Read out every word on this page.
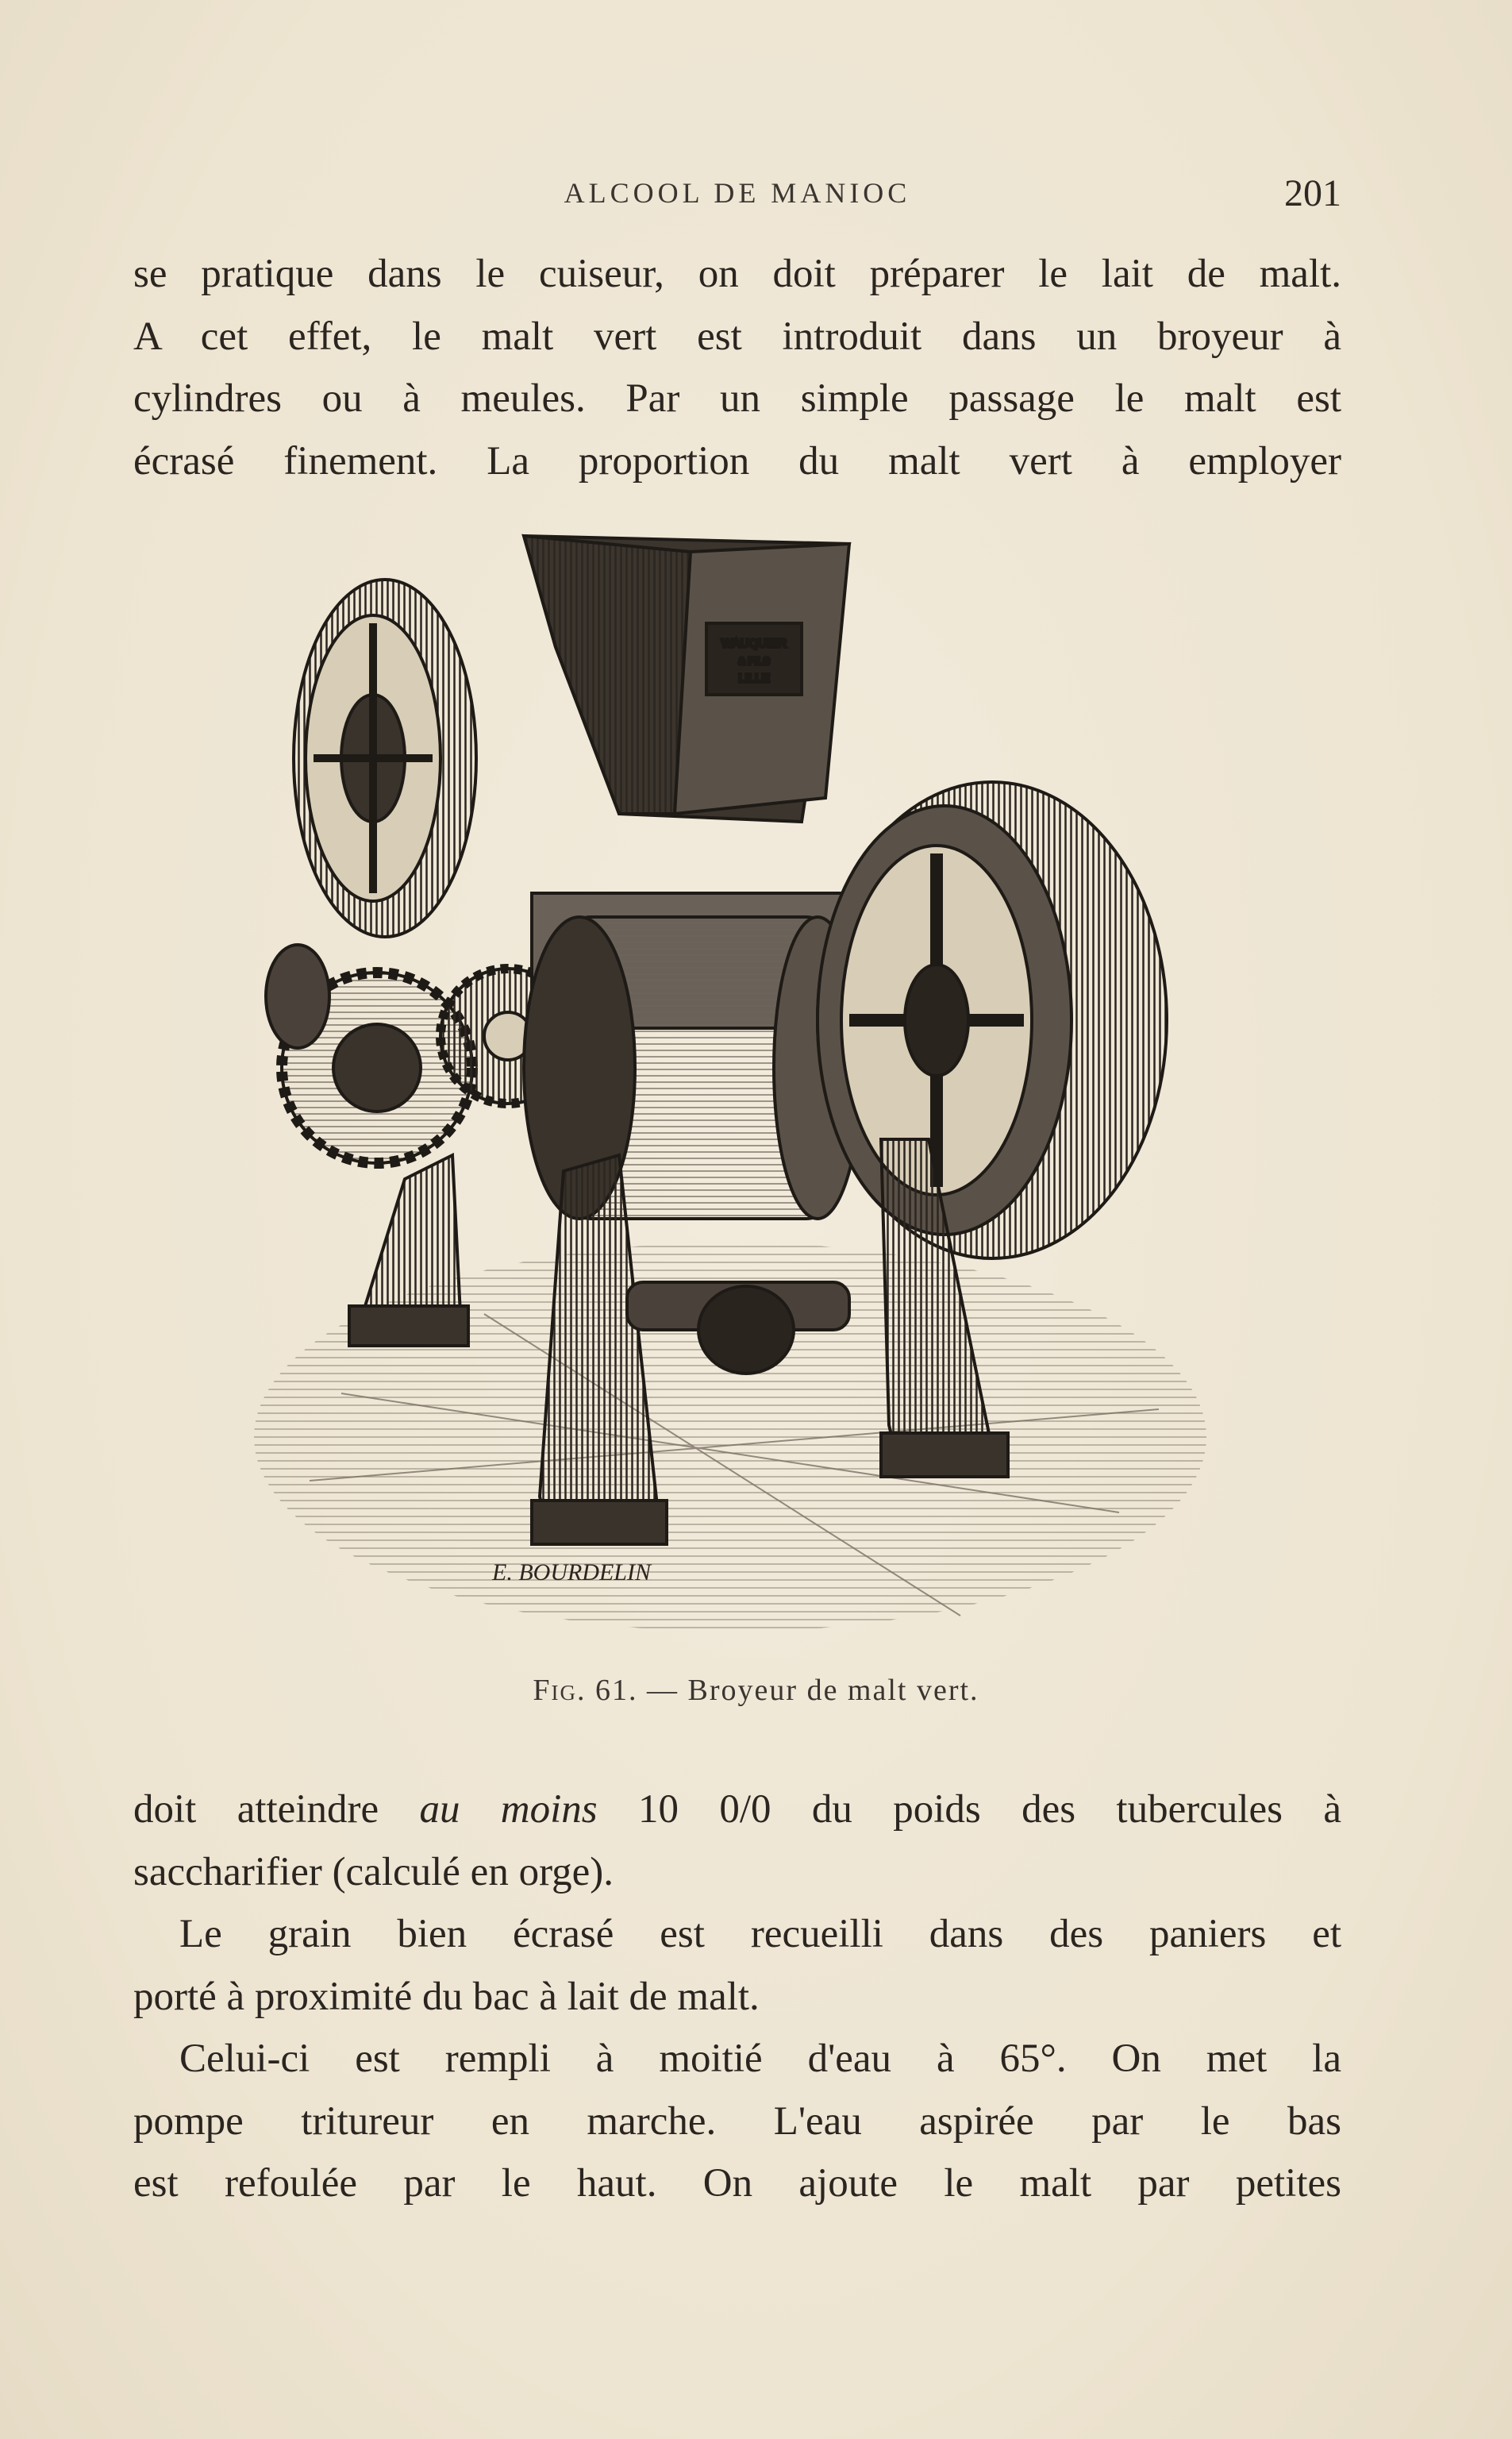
ALCOOL DE MANIOC	201

se pratique dans le cuiseur, on doit préparer le lait de malt.

A cet effet, le malt vert est introduit dans un broyeur à

cylindres ou à meules. Par un simple passage le malt est

écrasé finement. La proportion du malt vert à employer

WAUQUIER
& FILS
LILLE
E. BOURDELIN
Fig. 61. — Broyeur de malt vert.

doit atteindre au moins 10 0/0 du poids des tubercules à

saccharifier (calculé en orge).

Le grain bien écrasé est recueilli dans des paniers et

porté à proximité du bac à lait de malt.

Celui-ci est rempli à moitié d'eau à 65°. On met la

pompe tritureur en marche. L'eau aspirée par le bas

est refoulée par le haut. On ajoute le malt par petites
